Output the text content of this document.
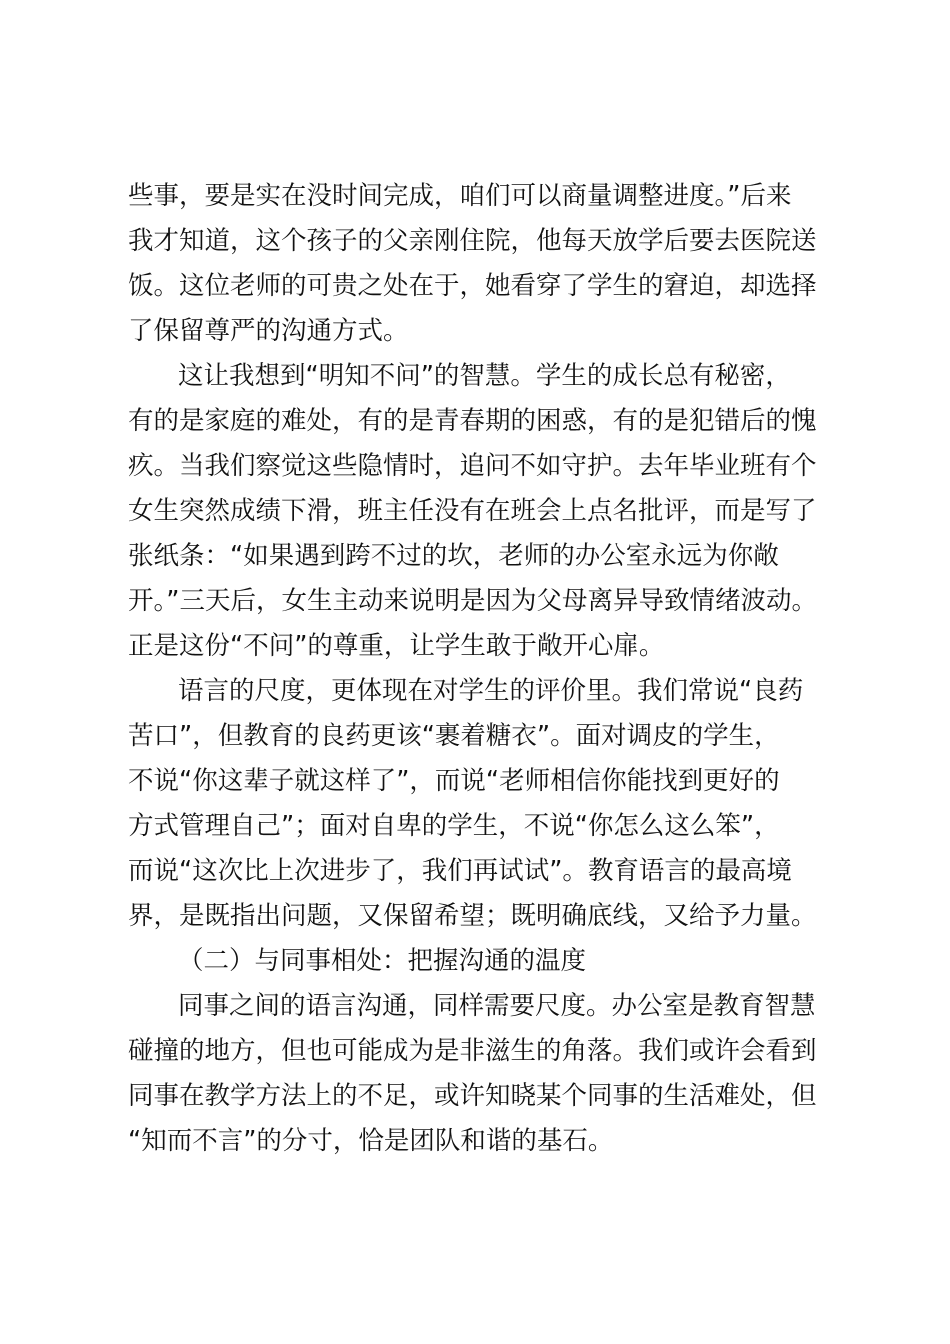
些事，要是实在没时间完成，咱们可以商量调整进度。”后来
我才知道，这个孩子的父亲刚住院，他每天放学后要去医院送
饭。这位老师的可贵之处在于，她看穿了学生的窘迫，却选择
了保留尊严的沟通方式。
这让我想到“明知不问”的智慧。学生的成长总有秘密，
有的是家庭的难处，有的是青春期的困惑，有的是犯错后的愧
疚。当我们察觉这些隐情时，追问不如守护。去年毕业班有个
女生突然成绩下滑，班主任没有在班会上点名批评，而是写了
张纸条：“如果遇到跨不过的坎，老师的办公室永远为你敞
开。”三天后，女生主动来说明是因为父母离异导致情绪波动。
正是这份“不问”的尊重，让学生敢于敞开心扉。
语言的尺度，更体现在对学生的评价里。我们常说“良药
苦口”，但教育的良药更该“裹着糖衣”。面对调皮的学生，
不说“你这辈子就这样了”，而说“老师相信你能找到更好的
方式管理自己”；面对自卑的学生，不说“你怎么这么笨”，
而说“这次比上次进步了，我们再试试”。教育语言的最高境
界，是既指出问题，又保留希望；既明确底线，又给予力量。
（二）与同事相处：把握沟通的温度
同事之间的语言沟通，同样需要尺度。办公室是教育智慧
碰撞的地方，但也可能成为是非滋生的角落。我们或许会看到
同事在教学方法上的不足，或许知晓某个同事的生活难处，但
“知而不言”的分寸，恰是团队和谐的基石。
